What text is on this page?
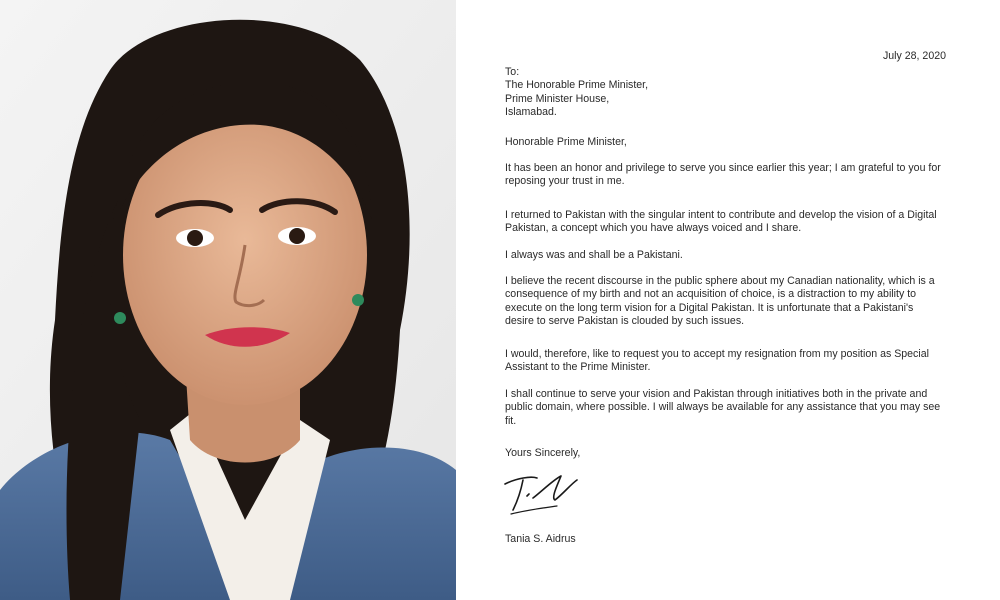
July 28, 2020
To:
The Honorable Prime Minister,
Prime Minister House,
Islamabad.
Honorable Prime Minister,
It has been an honor and privilege to serve you since earlier this year; I am grateful to you for reposing your trust in me.
I returned to Pakistan with the singular intent to contribute and develop the vision of a Digital Pakistan, a concept which you have always voiced and I share.
I always was and shall be a Pakistani.
I believe the recent discourse in the public sphere about my Canadian nationality, which is a consequence of my birth and not an acquisition of choice, is a distraction to my ability to execute on the long term vision for a Digital Pakistan. It is unfortunate that a Pakistani's desire to serve Pakistan is clouded by such issues.
I would, therefore, like to request you to accept my resignation from my position as Special Assistant to the Prime Minister.
I shall continue to serve your vision and Pakistan through initiatives both in the private and public domain, where possible. I will always be available for any assistance that you may see fit.
Yours Sincerely,
Tania S. Aidrus
